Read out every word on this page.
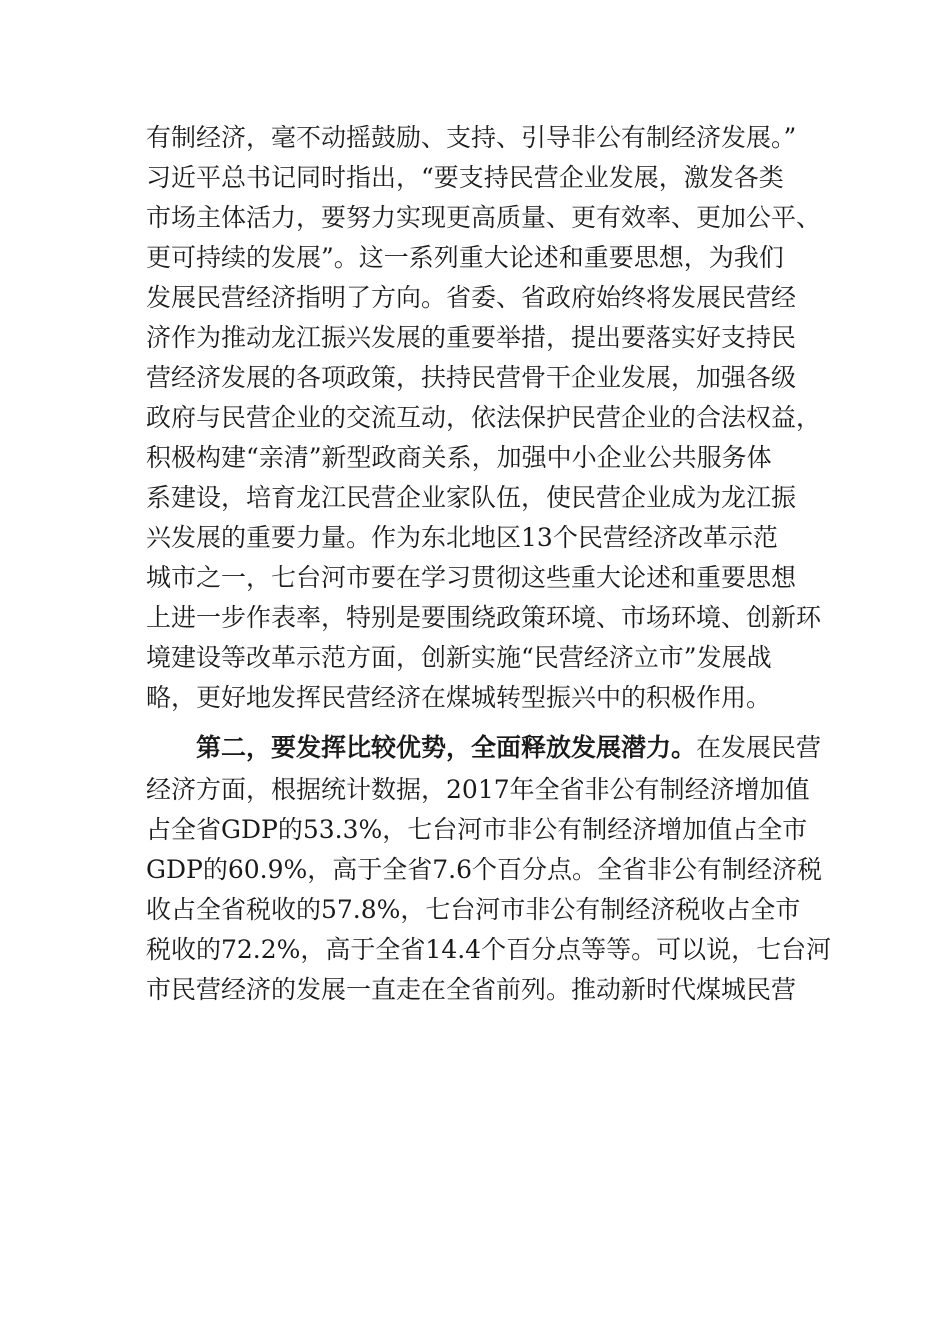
有制经济，毫不动摇鼓励、支持、引导非公有制经济发展。”
习近平总书记同时指出，“要支持民营企业发展，激发各类
市场主体活力，要努力实现更高质量、更有效率、更加公平、
更可持续的发展”。这一系列重大论述和重要思想，为我们
发展民营经济指明了方向。省委、省政府始终将发展民营经
济作为推动龙江振兴发展的重要举措，提出要落实好支持民
营经济发展的各项政策，扶持民营骨干企业发展，加强各级
政府与民营企业的交流互动，依法保护民营企业的合法权益，
积极构建“亲清”新型政商关系，加强中小企业公共服务体
系建设，培育龙江民营企业家队伍，使民营企业成为龙江振
兴发展的重要力量。作为东北地区13个民营经济改革示范
城市之一，七台河市要在学习贯彻这些重大论述和重要思想
上进一步作表率，特别是要围绕政策环境、市场环境、创新环
境建设等改革示范方面，创新实施“民营经济立市”发展战
略，更好地发挥民营经济在煤城转型振兴中的积极作用。
第二，要发挥比较优势，全面释放发展潜力。在发展民营
经济方面，根据统计数据，2017年全省非公有制经济增加值
占全省GDP的53.3%，七台河市非公有制经济增加值占全市
GDP的60.9%，高于全省7.6个百分点。全省非公有制经济税
收占全省税收的57.8%，七台河市非公有制经济税收占全市
税收的72.2%，高于全省14.4个百分点等等。可以说，七台河
市民营经济的发展一直走在全省前列。推动新时代煤城民营
